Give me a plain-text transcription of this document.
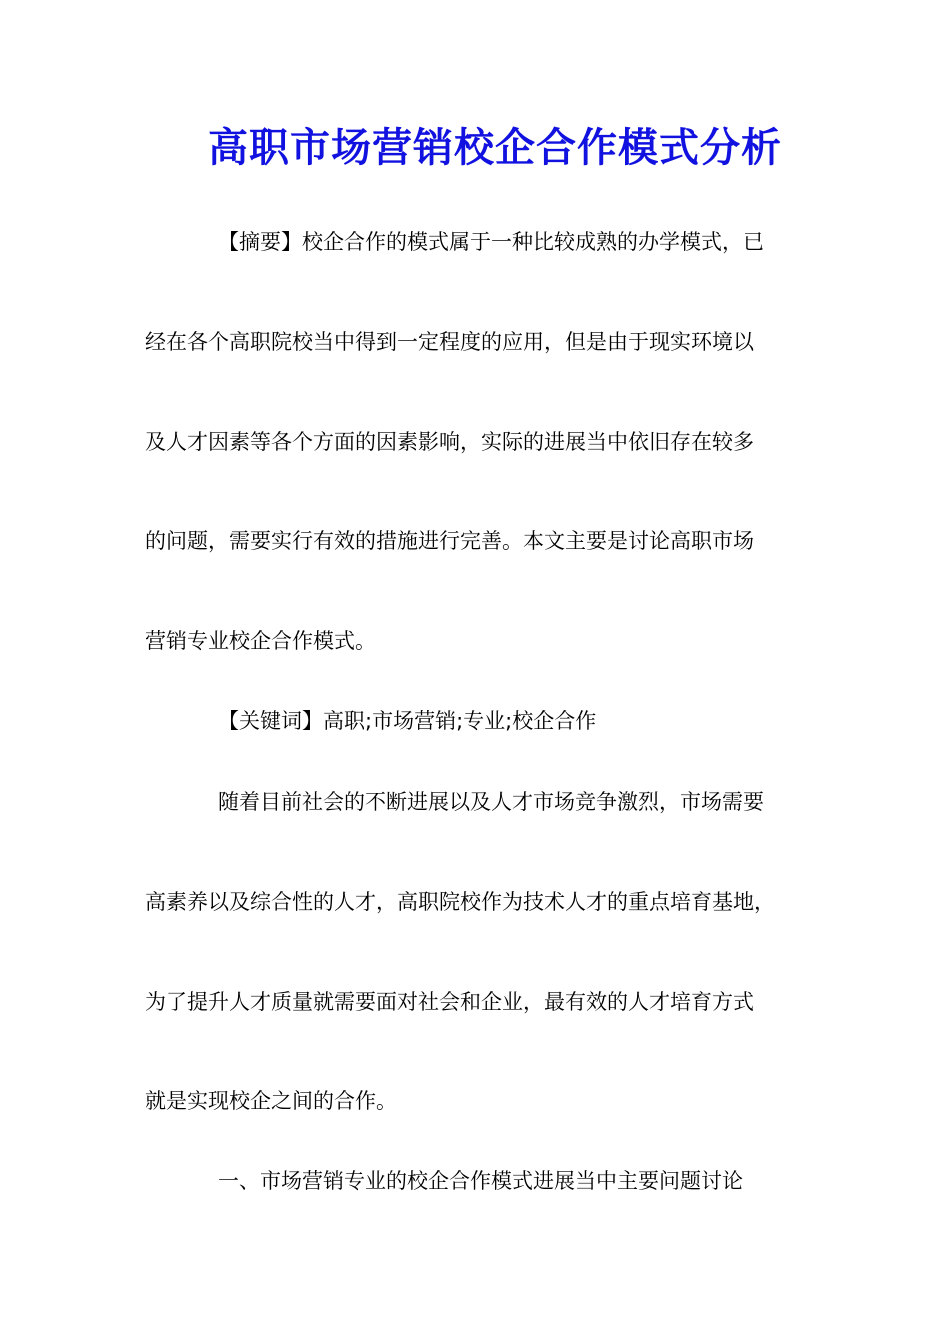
高职市场营销校企合作模式分析
【摘要】校企合作的模式属于一种比较成熟的办学模式，已
经在各个高职院校当中得到一定程度的应用，但是由于现实环境以
及人才因素等各个方面的因素影响，实际的进展当中依旧存在较多
的问题，需要实行有效的措施进行完善。本文主要是讨论高职市场
营销专业校企合作模式。
【关键词】高职;市场营销;专业;校企合作
随着目前社会的不断进展以及人才市场竞争激烈，市场需要
高素养以及综合性的人才，高职院校作为技术人才的重点培育基地，
为了提升人才质量就需要面对社会和企业，最有效的人才培育方式
就是实现校企之间的合作。
一、市场营销专业的校企合作模式进展当中主要问题讨论
